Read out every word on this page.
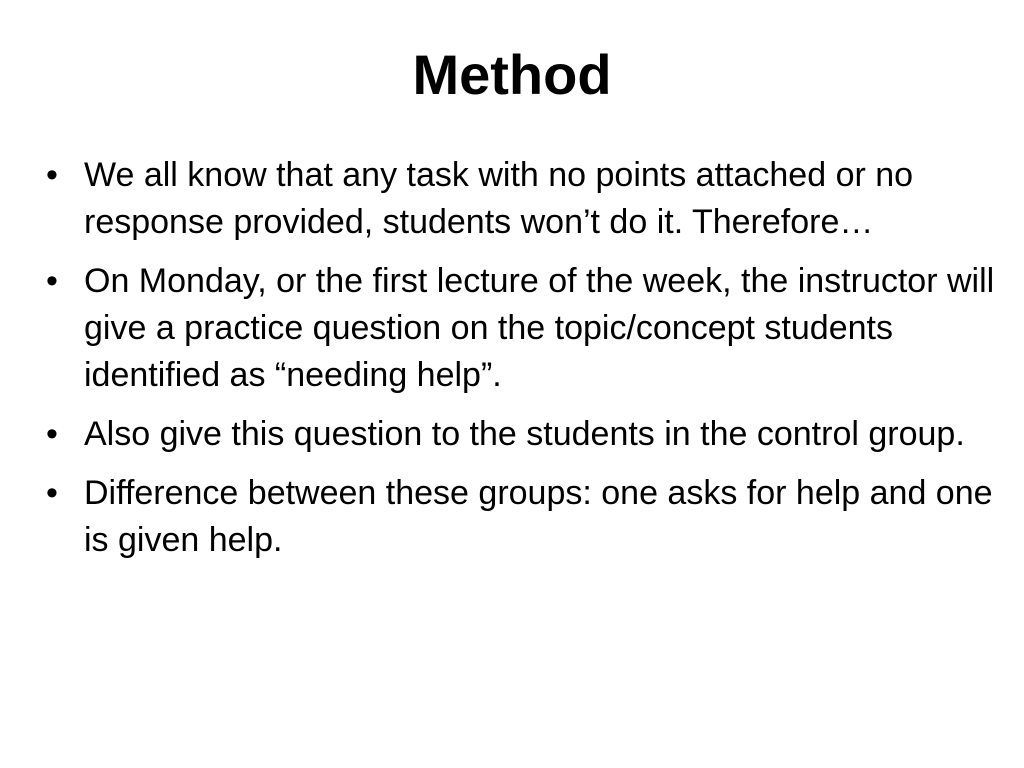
Method
• We all know that any task with no points attached or no response provided, students won’t do it. Therefore…
• On Monday, or the first lecture of the week, the instructor will give a practice question on the topic/concept students identified as “needing help”.
• Also give this question to the students in the control group.
• Difference between these groups: one asks for help and one is given help.
